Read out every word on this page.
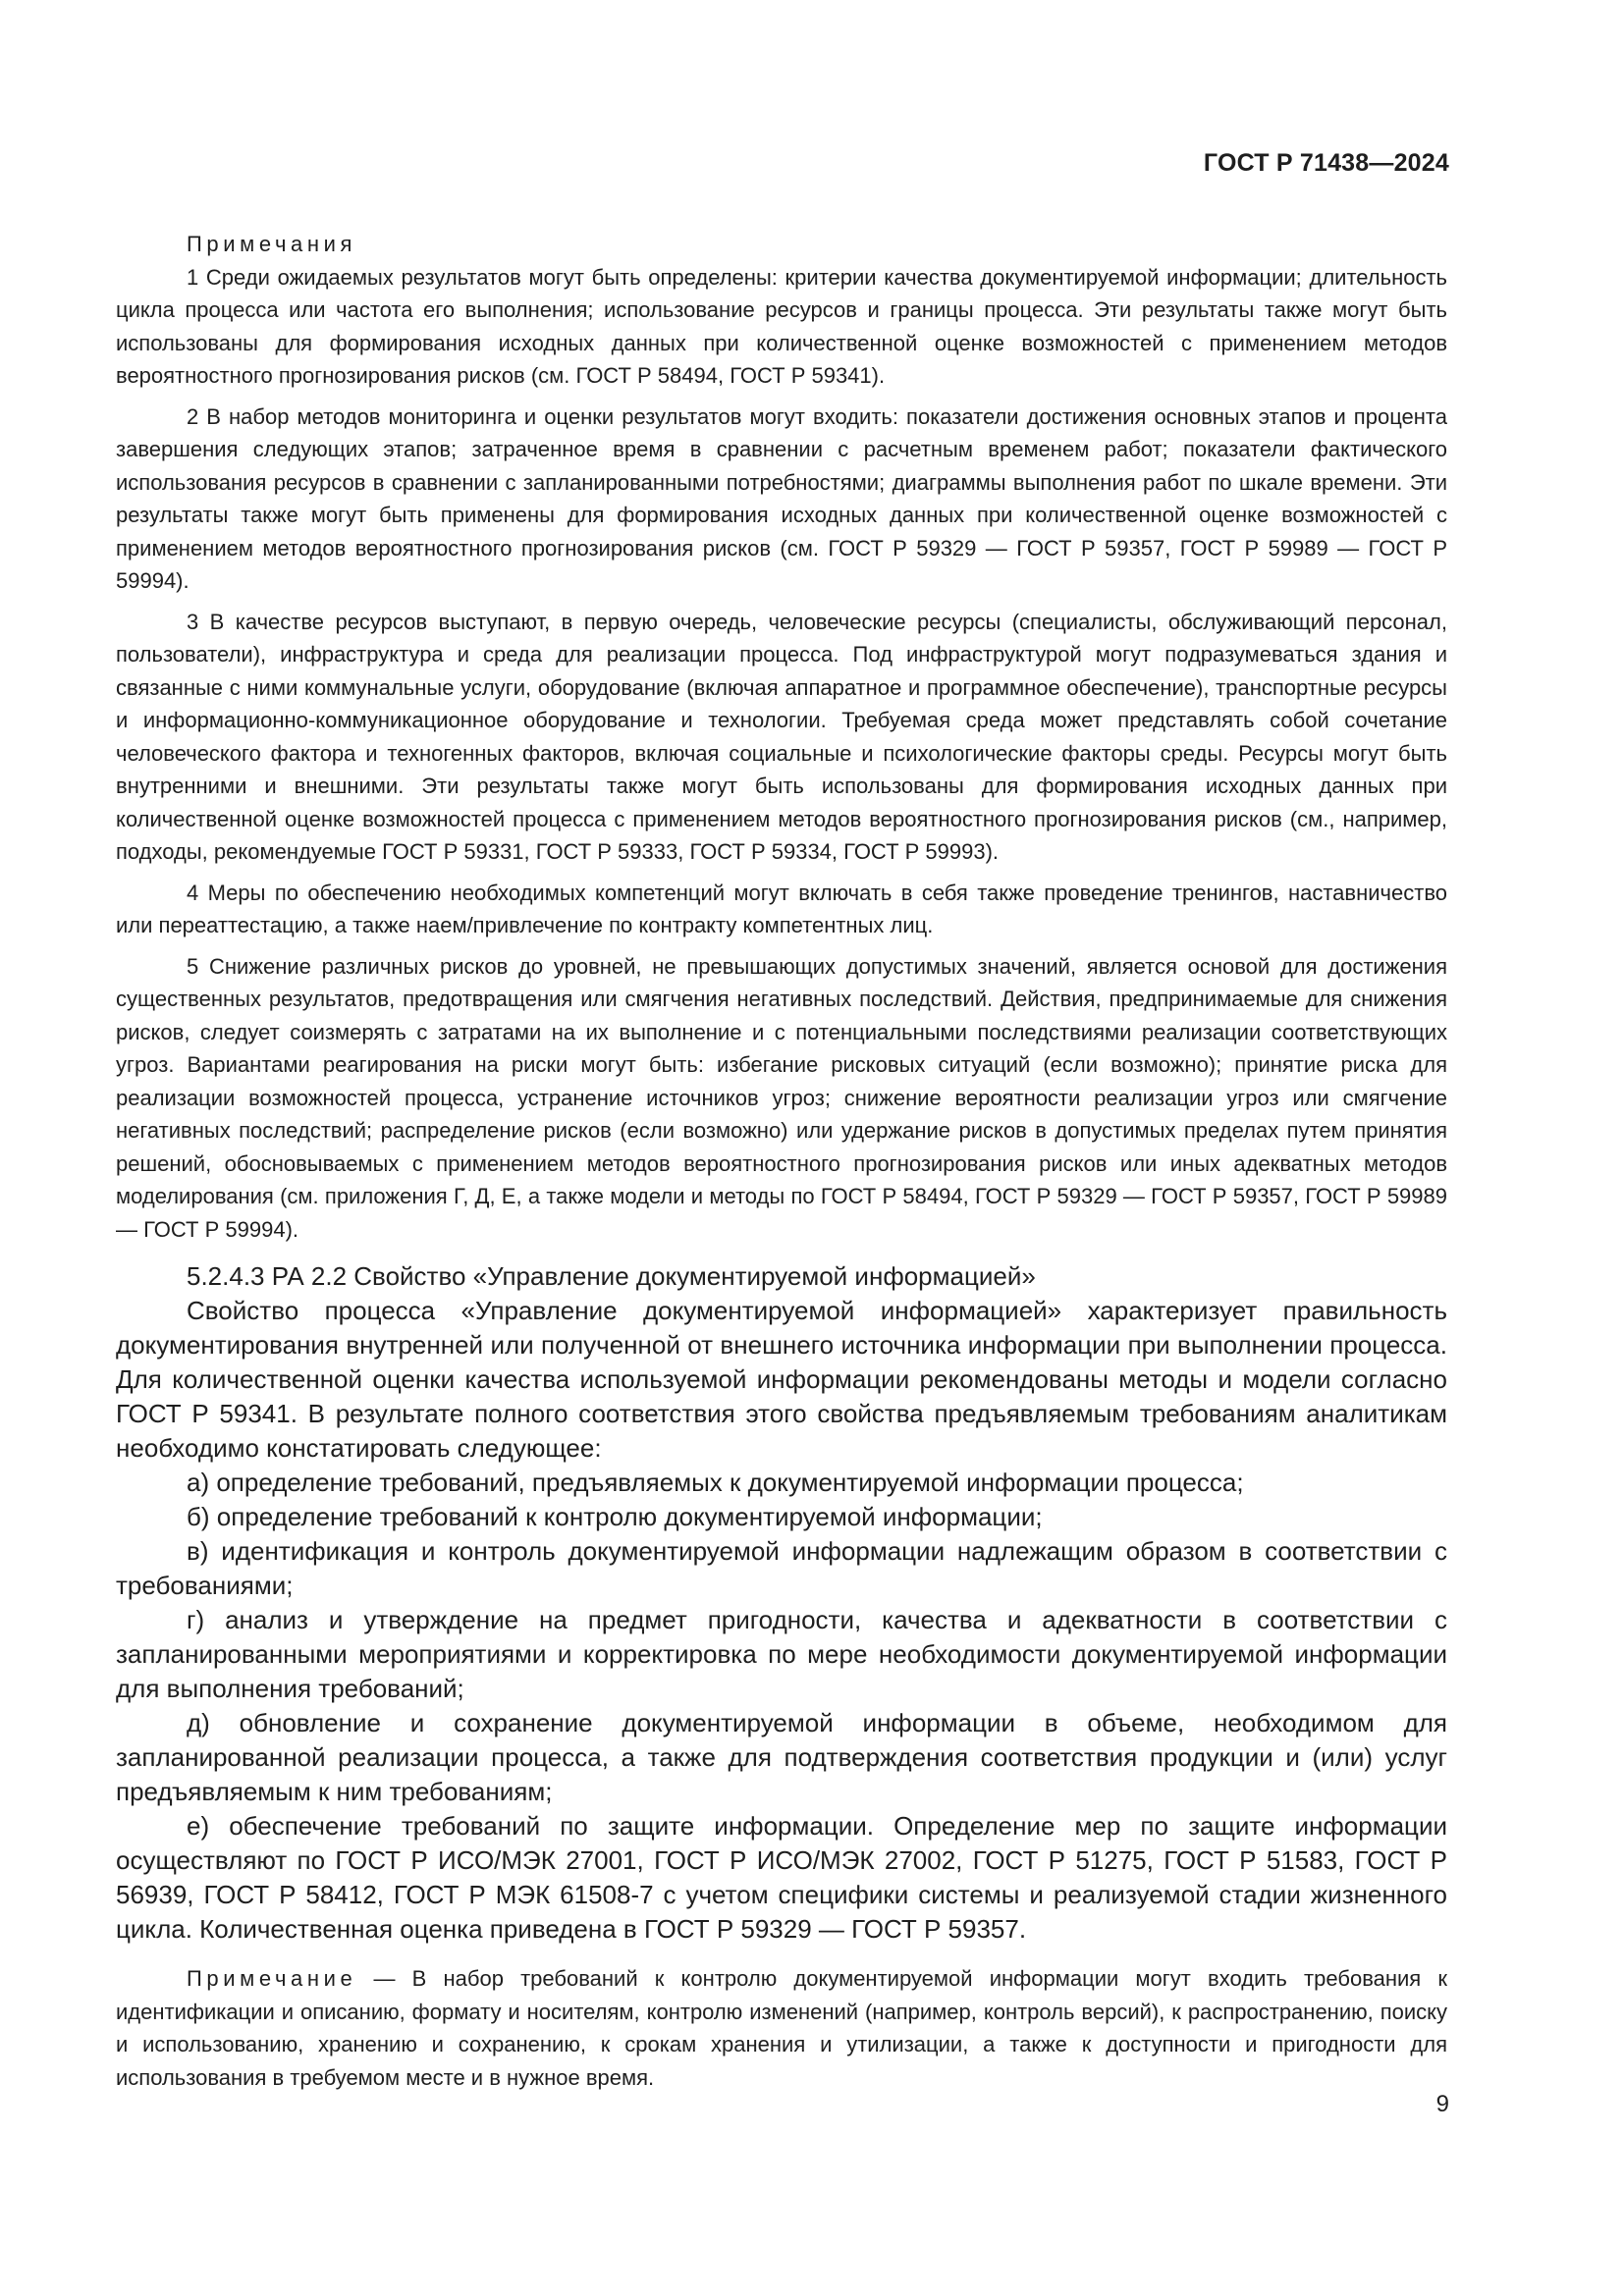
ГОСТ Р 71438—2024
Примечания

1 Среди ожидаемых результатов могут быть определены: критерии качества документируемой информации; длительность цикла процесса или частота его выполнения; использование ресурсов и границы процесса. Эти результаты также могут быть использованы для формирования исходных данных при количественной оценке возможностей с применением методов вероятностного прогнозирования рисков (см. ГОСТ Р 58494, ГОСТ Р 59341).

2 В набор методов мониторинга и оценки результатов могут входить: показатели достижения основных этапов и процента завершения следующих этапов; затраченное время в сравнении с расчетным временем работ; показатели фактического использования ресурсов в сравнении с запланированными потребностями; диаграммы выполнения работ по шкале времени. Эти результаты также могут быть применены для формирования исходных данных при количественной оценке возможностей с применением методов вероятностного прогнозирования рисков (см. ГОСТ Р 59329 — ГОСТ Р 59357, ГОСТ Р 59989 — ГОСТ Р 59994).

3 В качестве ресурсов выступают, в первую очередь, человеческие ресурсы (специалисты, обслуживающий персонал, пользователи), инфраструктура и среда для реализации процесса. Под инфраструктурой могут подразумеваться здания и связанные с ними коммунальные услуги, оборудование (включая аппаратное и программное обеспечение), транспортные ресурсы и информационно-коммуникационное оборудование и технологии. Требуемая среда может представлять собой сочетание человеческого фактора и техногенных факторов, включая социальные и психологические факторы среды. Ресурсы могут быть внутренними и внешними. Эти результаты также могут быть использованы для формирования исходных данных при количественной оценке возможностей процесса с применением методов вероятностного прогнозирования рисков (см., например, подходы, рекомендуемые ГОСТ Р 59331, ГОСТ Р 59333, ГОСТ Р 59334, ГОСТ Р 59993).

4 Меры по обеспечению необходимых компетенций могут включать в себя также проведение тренингов, наставничество или переаттестацию, а также наем/привлечение по контракту компетентных лиц.

5 Снижение различных рисков до уровней, не превышающих допустимых значений, является основой для достижения существенных результатов, предотвращения или смягчения негативных последствий. Действия, предпринимаемые для снижения рисков, следует соизмерять с затратами на их выполнение и с потенциальными последствиями реализации соответствующих угроз. Вариантами реагирования на риски могут быть: избегание рисковых ситуаций (если возможно); принятие риска для реализации возможностей процесса, устранение источников угроз; снижение вероятности реализации угроз или смягчение негативных последствий; распределение рисков (если возможно) или удержание рисков в допустимых пределах путем принятия решений, обосновываемых с применением методов вероятностного прогнозирования рисков или иных адекватных методов моделирования (см. приложения Г, Д, Е, а также модели и методы по ГОСТ Р 58494, ГОСТ Р 59329 — ГОСТ Р 59357, ГОСТ Р 59989 — ГОСТ Р 59994).

5.2.4.3 РА 2.2 Свойство «Управление документируемой информацией»

Свойство процесса «Управление документируемой информацией» характеризует правильность документирования внутренней или полученной от внешнего источника информации при выполнении процесса. Для количественной оценки качества используемой информации рекомендованы методы и модели согласно ГОСТ Р 59341. В результате полного соответствия этого свойства предъявляемым требованиям аналитикам необходимо констатировать следующее:

а) определение требований, предъявляемых к документируемой информации процесса;

б) определение требований к контролю документируемой информации;

в) идентификация и контроль документируемой информации надлежащим образом в соответствии с требованиями;

г) анализ и утверждение на предмет пригодности, качества и адекватности в соответствии с запланированными мероприятиями и корректировка по мере необходимости документируемой информации для выполнения требований;

д) обновление и сохранение документируемой информации в объеме, необходимом для запланированной реализации процесса, а также для подтверждения соответствия продукции и (или) услуг предъявляемым к ним требованиям;

е) обеспечение требований по защите информации. Определение мер по защите информации осуществляют по ГОСТ Р ИСО/МЭК 27001, ГОСТ Р ИСО/МЭК 27002, ГОСТ Р 51275, ГОСТ Р 51583, ГОСТ Р 56939, ГОСТ Р 58412, ГОСТ Р МЭК 61508-7 с учетом специфики системы и реализуемой стадии жизненного цикла. Количественная оценка приведена в ГОСТ Р 59329 — ГОСТ Р 59357.

Примечание — В набор требований к контролю документируемой информации могут входить требования к идентификации и описанию, формату и носителям, контролю изменений (например, контроль версий), к распространению, поиску и использованию, хранению и сохранению, к срокам хранения и утилизации, а также к доступности и пригодности для использования в требуемом месте и в нужное время.

9
